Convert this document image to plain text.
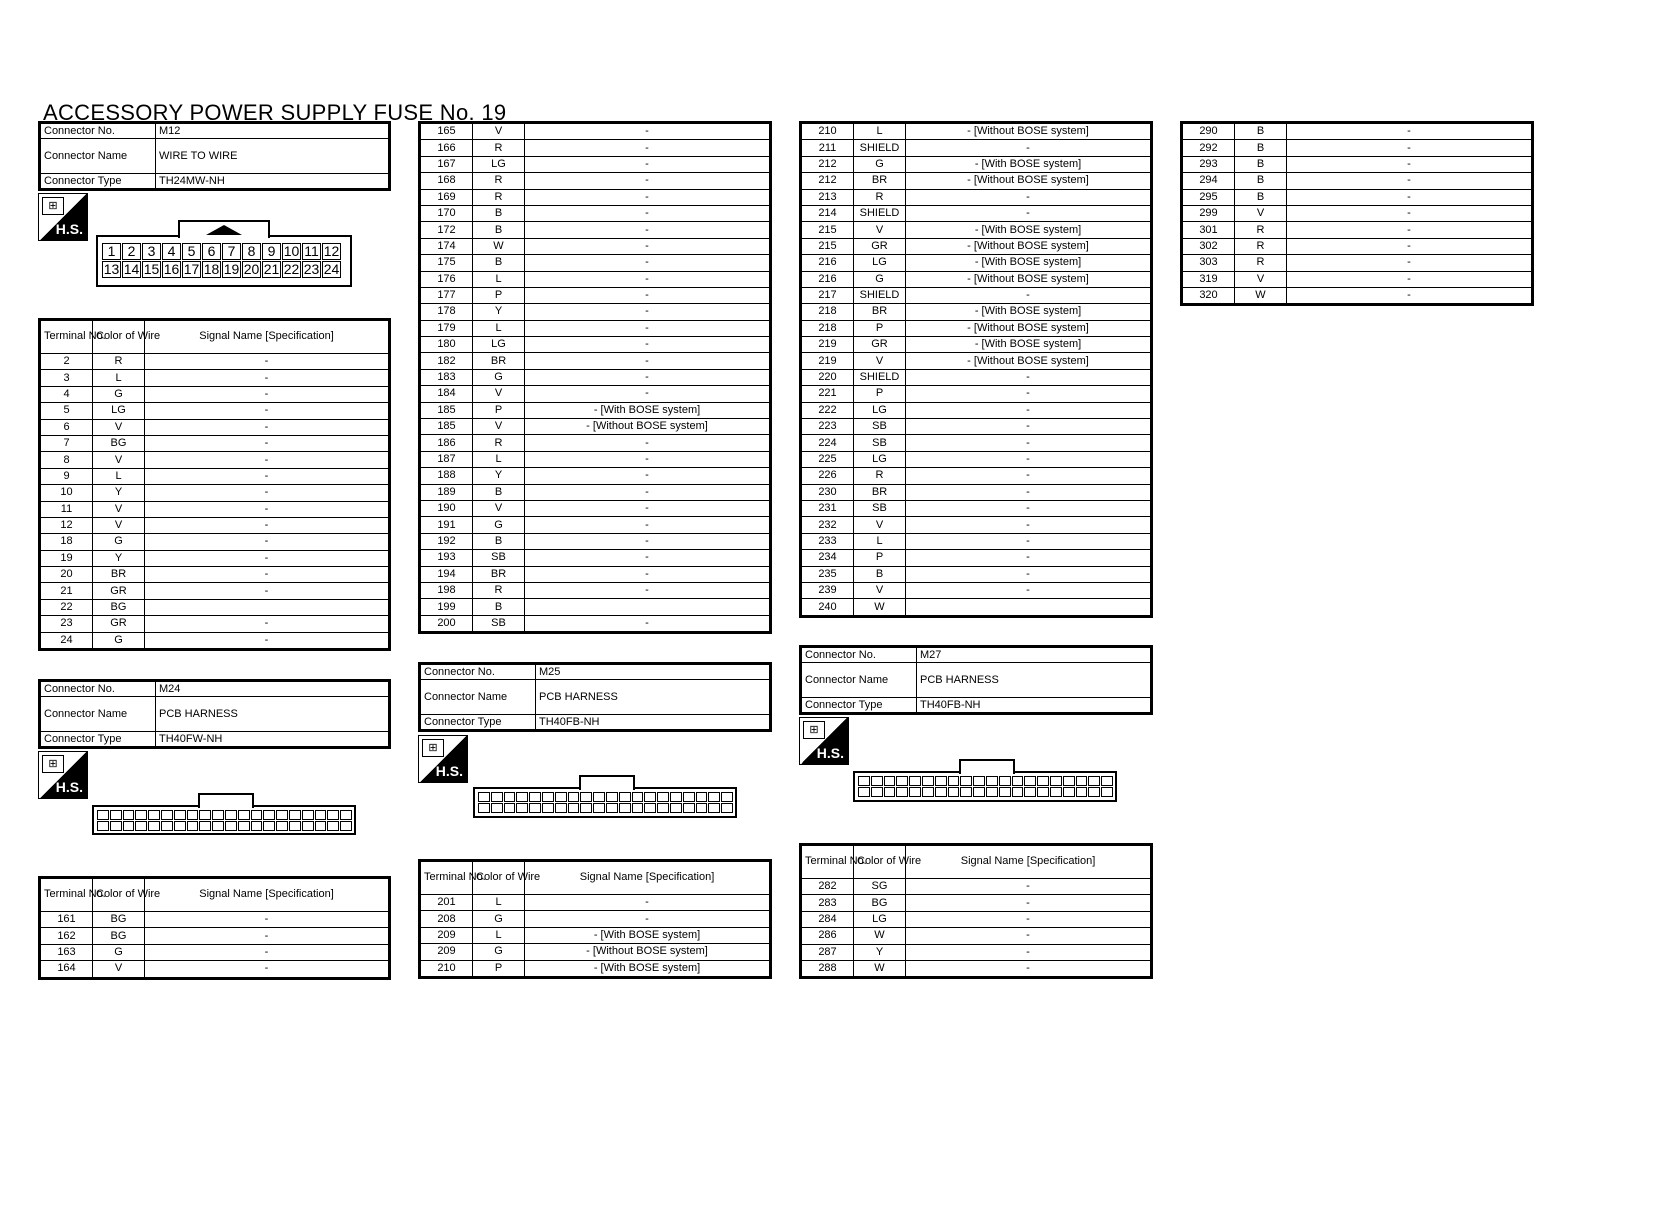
ACCESSORY POWER SUPPLY FUSE No. 19
Connector No.	M12
Connector Name	WIRE TO WIRE
Connector Type	TH24MW-NH
⊞
H.S.
1 2 3 4 5 6 7 8 9 10 11 12
13 14 15 16 17 18 19 20 21 22 23 24
Terminal No.	Color of Wire	Signal Name [Specification]
2	R	-
3	L	-
4	G	-
5	LG	-
6	V	-
7	BG	-
8	V	-
9	L	-
10	Y	-
11	V	-
12	V	-
18	G	-
19	Y	-
20	BR	-
21	GR	-
22	BG	
23	GR	-
24	G	-
Connector No.	M24
Connector Name	PCB HARNESS
Connector Type	TH40FW-NH
⊞
H.S.
Terminal No.	Color of Wire	Signal Name [Specification]
161	BG	-
162	BG	-
163	G	-
164	V	-
165	V	-
166	R	-
167	LG	-
168	R	-
169	R	-
170	B	-
172	B	-
174	W	-
175	B	-
176	L	-
177	P	-
178	Y	-
179	L	-
180	LG	-
182	BR	-
183	G	-
184	V	-
185	P	- [With BOSE system]
185	V	- [Without BOSE system]
186	R	-
187	L	-
188	Y	-
189	B	-
190	V	-
191	G	-
192	B	-
193	SB	-
194	BR	-
198	R	-
199	B	
200	SB	-
Connector No.	M25
Connector Name	PCB HARNESS
Connector Type	TH40FB-NH
⊞
H.S.
Terminal No.	Color of Wire	Signal Name [Specification]
201	L	-
208	G	-
209	L	- [With BOSE system]
209	G	- [Without BOSE system]
210	P	- [With BOSE system]
210	L	- [Without BOSE system]
211	SHIELD	-
212	G	- [With BOSE system]
212	BR	- [Without BOSE system]
213	R	-
214	SHIELD	-
215	V	- [With BOSE system]
215	GR	- [Without BOSE system]
216	LG	- [With BOSE system]
216	G	- [Without BOSE system]
217	SHIELD	-
218	BR	- [With BOSE system]
218	P	- [Without BOSE system]
219	GR	- [With BOSE system]
219	V	- [Without BOSE system]
220	SHIELD	-
221	P	-
222	LG	-
223	SB	-
224	SB	-
225	LG	-
226	R	-
230	BR	-
231	SB	-
232	V	-
233	L	-
234	P	-
235	B	-
239	V	-
240	W	
Connector No.	M27
Connector Name	PCB HARNESS
Connector Type	TH40FB-NH
⊞
H.S.
Terminal No.	Color of Wire	Signal Name [Specification]
282	SG	-
283	BG	-
284	LG	-
286	W	-
287	Y	-
288	W	-
290	B	-
292	B	-
293	B	-
294	B	-
295	B	-
299	V	-
301	R	-
302	R	-
303	R	-
319	V	-
320	W	-
